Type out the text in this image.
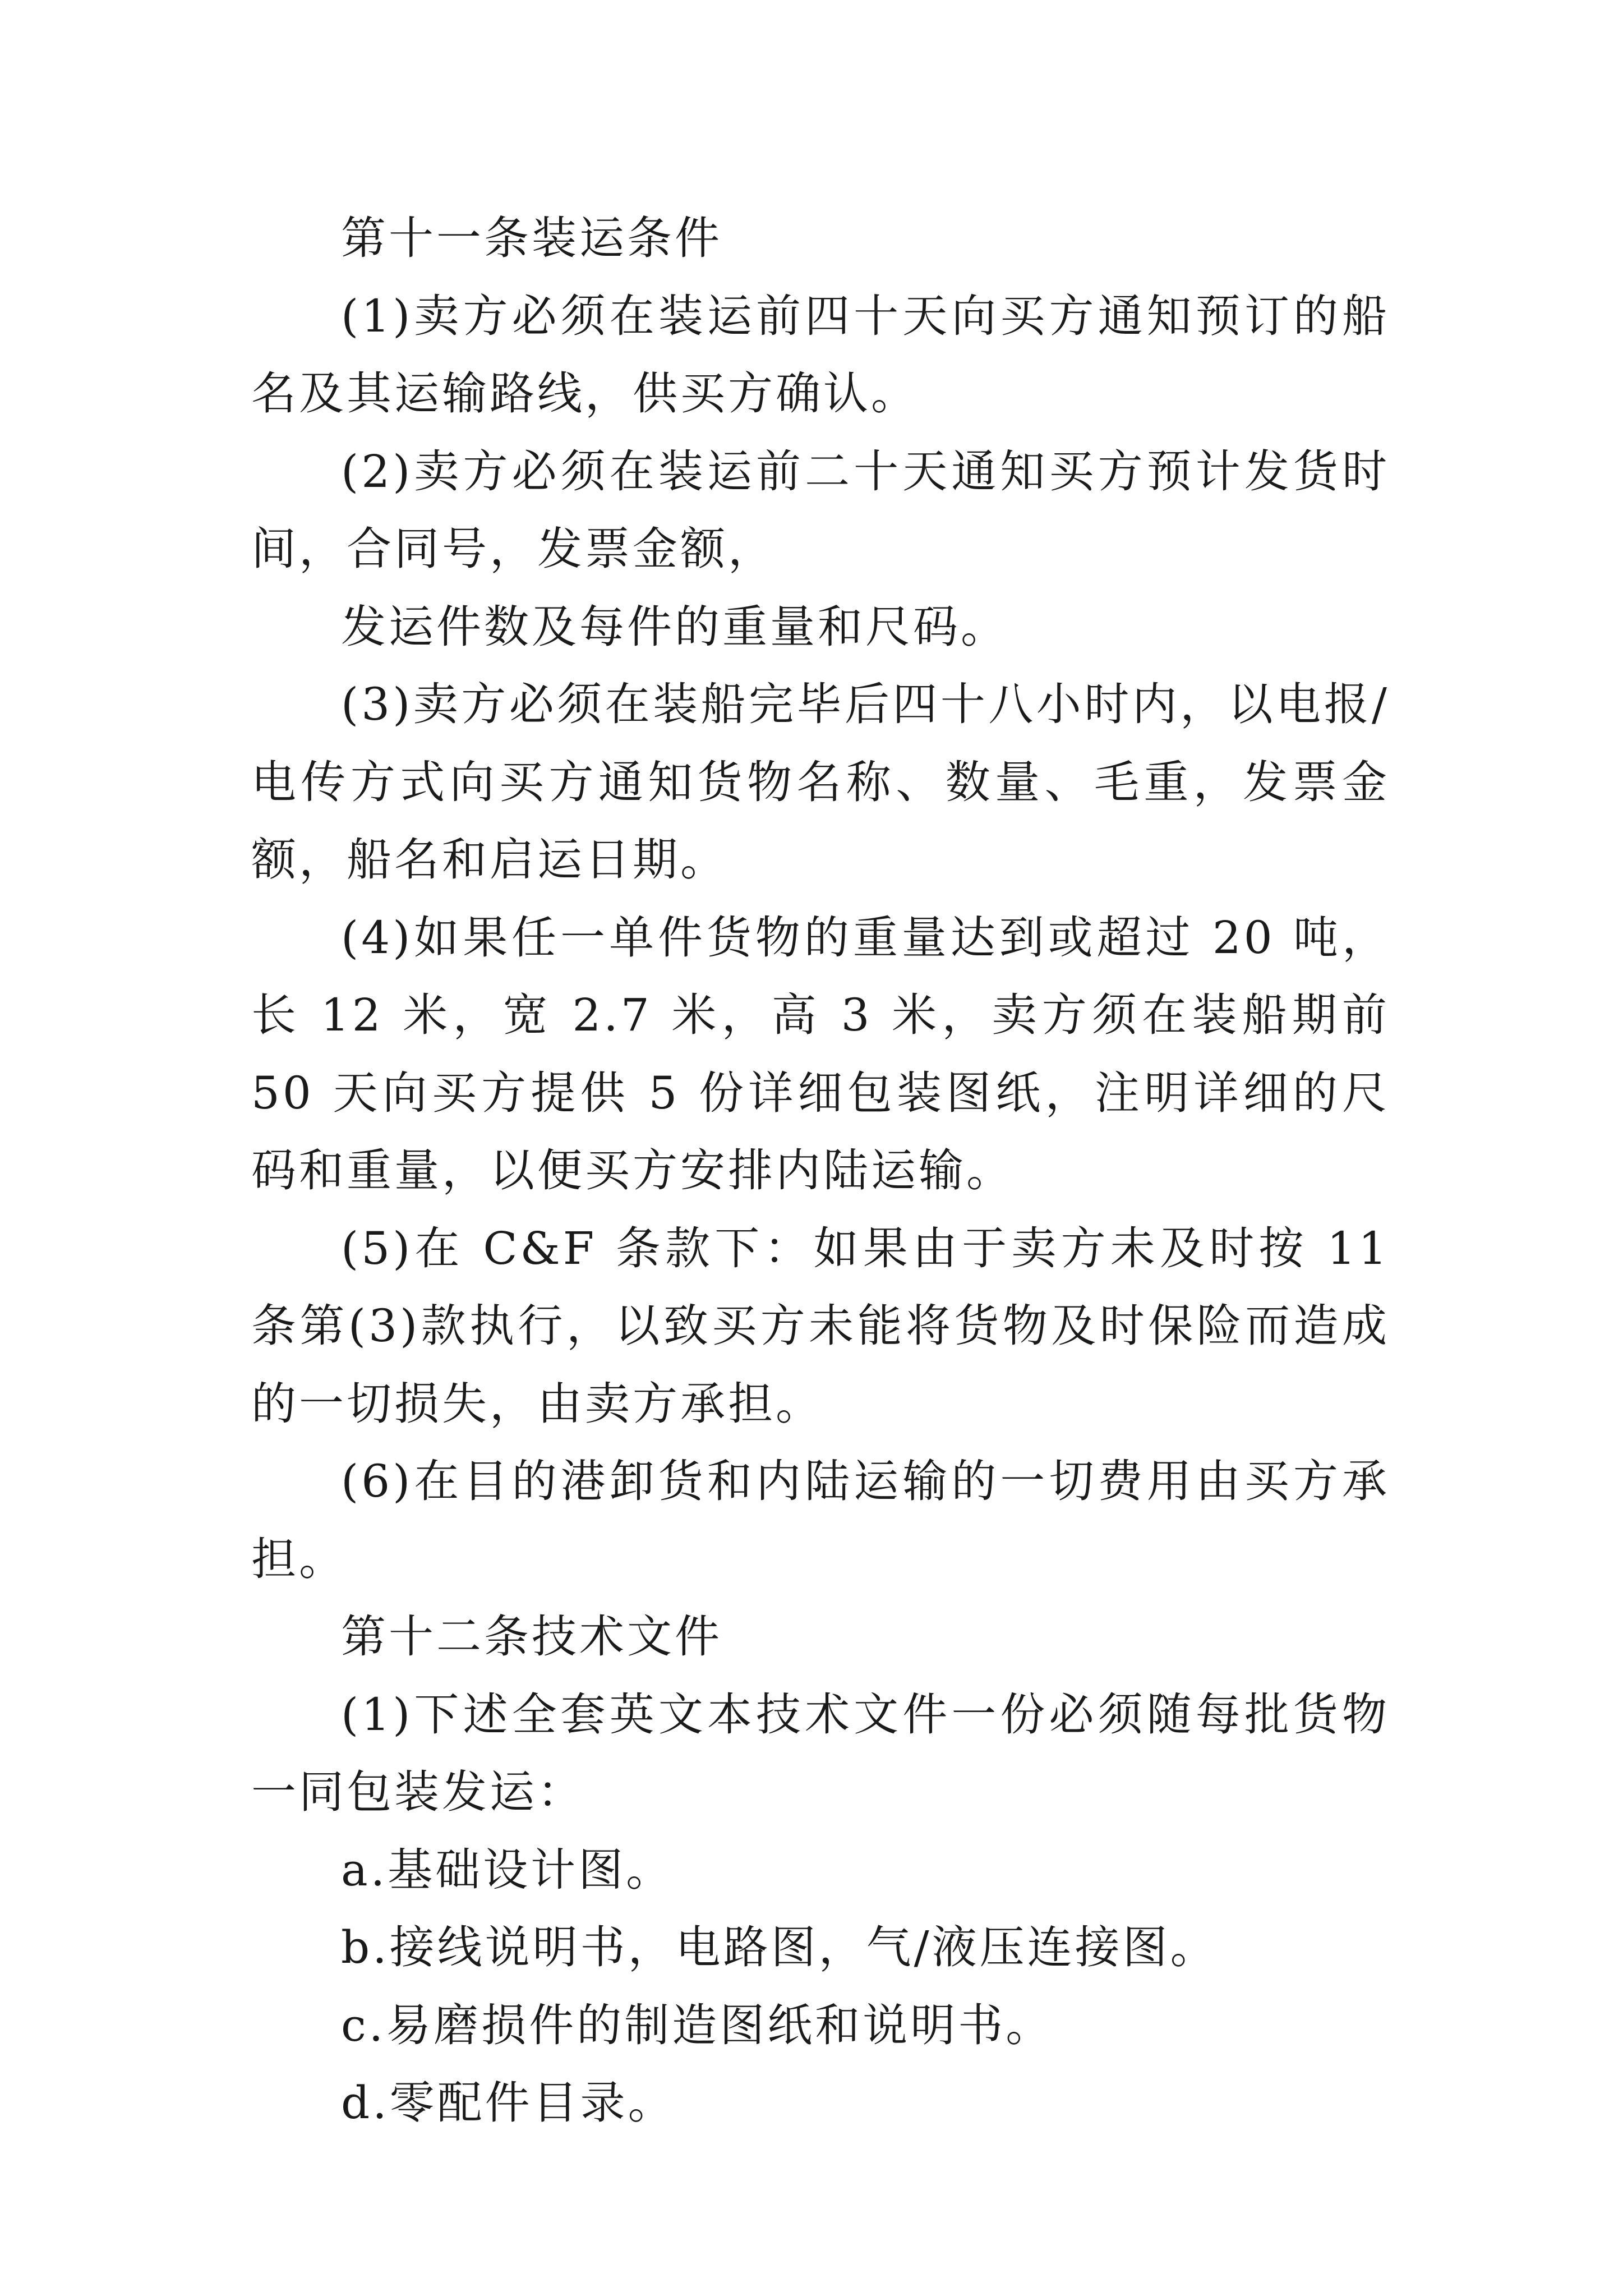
第十一条装运条件

(1)卖方必须在装运前四十天向买方通知预订的船名及其运输路线，供买方确认。

(2)卖方必须在装运前二十天通知买方预计发货时间，合同号，发票金额，

发运件数及每件的重量和尺码。

(3)卖方必须在装船完毕后四十八小时内，以电报/电传方式向买方通知货物名称、数量、毛重，发票金额，船名和启运日期。

(4)如果任一单件货物的重量达到或超过 20 吨，长 12 米，宽 2.7 米，高 3 米，卖方须在装船期前 50 天向买方提供 5 份详细包装图纸，注明详细的尺码和重量，以便买方安排内陆运输。

(5)在 C&F 条款下：如果由于卖方未及时按 11 条第(3)款执行，以致买方未能将货物及时保险而造成的一切损失，由卖方承担。

(6)在目的港卸货和内陆运输的一切费用由买方承担。

第十二条技术文件

(1)下述全套英文本技术文件一份必须随每批货物一同包装发运：

a.基础设计图。

b.接线说明书，电路图，气/液压连接图。

c.易磨损件的制造图纸和说明书。

d.零配件目录。
